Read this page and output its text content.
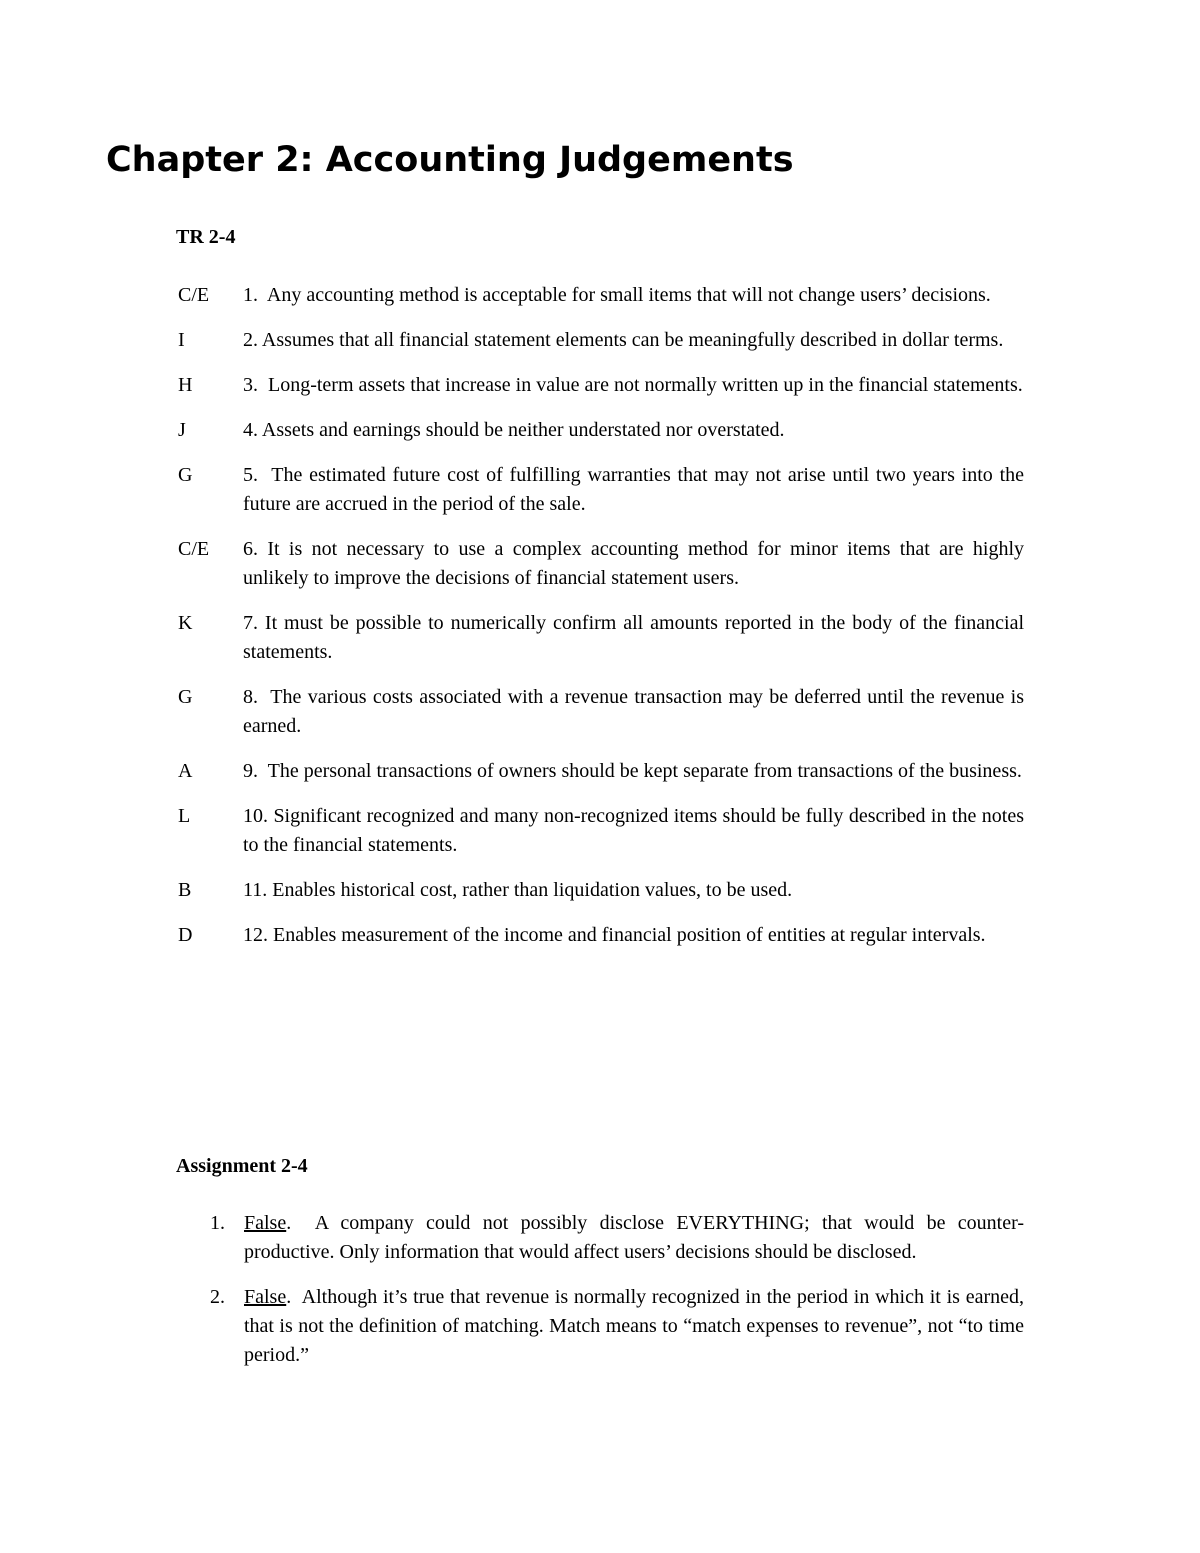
Chapter 2: Accounting Judgements
TR 2-4
C/E	1. Any accounting method is acceptable for small items that will not change users’ decisions.
I	2. Assumes that all financial statement elements can be meaningfully described in dollar terms.
H	3. Long-term assets that increase in value are not normally written up in the financial statements.
J	4. Assets and earnings should be neither understated nor overstated.
G	5. The estimated future cost of fulfilling warranties that may not arise until two years into the future are accrued in the period of the sale.
C/E	6. It is not necessary to use a complex accounting method for minor items that are highly unlikely to improve the decisions of financial statement users.
K	7. It must be possible to numerically confirm all amounts reported in the body of the financial statements.
G	8. The various costs associated with a revenue transaction may be deferred until the revenue is earned.
A	9. The personal transactions of owners should be kept separate from transactions of the business.
L	10. Significant recognized and many non-recognized items should be fully described in the notes to the financial statements.
B	11. Enables historical cost, rather than liquidation values, to be used.
D	12. Enables measurement of the income and financial position of entities at regular intervals.
Assignment 2-4
1. False.  A company could not possibly disclose EVERYTHING; that would be counter-productive. Only information that would affect users’ decisions should be disclosed.
2. False.  Although it’s true that revenue is normally recognized in the period in which it is earned, that is not the definition of matching. Match means to “match expenses to revenue”, not “to time period.”
